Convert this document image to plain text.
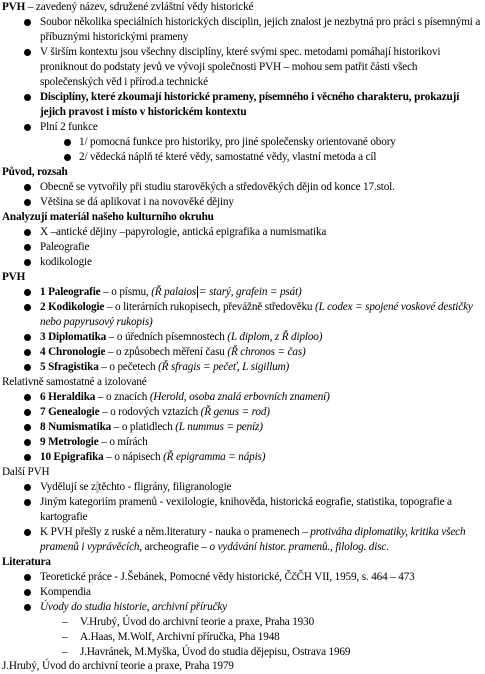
PVH – zavedený název, sdružené zvláštní vědy historické
Soubor několika speciálních historických disciplin, jejich znalost je nezbytná pro práci s písemnými a příbuznými historickými prameny
V širším kontextu jsou všechny disciplíny, které svými spec. metodami pomáhají historikovi proniknout do podstaty jevů ve vývoji společnosti PVH – mohou sem patřit části všech společenských věd i přírod.a technické
Disciplíny, které zkoumají historické prameny, písemného i věcného charakteru, prokazují jejich pravost i místo v historickém kontextu
Plní 2 funkce
1/ pomocná funkce pro historiky, pro jiné společensky orientované obory
2/ vědecká náplň té které vědy, samostatné vědy, vlastní metoda a cíl
Původ, rozsah
Obecně se vytvořily při studiu starověkých a středověkých dějin od konce 17.stol.
Většina se dá aplikovat i na novověké dějiny
Analyzují materiál našeho kulturního okruhu
X –antické dějiny –papyrologie, antická epigrafika a numismatika
Paleografie
kodikologie
PVH
1 Paleografie – o písmu, (Ř palaios = starý, grafein = psát)
2 Kodikologie – o literárních rukopisech, převážně středověku (L codex = spojené voskové destičky nebo papyrusový rukopis)
3 Diplomatika – o úředních písemnostech (L diplom, z Ř diploo)
4 Chronologie – o způsobech měření času (Ř chronos = čas)
5 Sfragistika – o pečetech (Ř sfragis = pečeť, L sigillum)
Relativně samostatné a izolované
6 Heraldika – o znacích (Herold, osoba znalá erbovních znamení)
7 Genealogie – o rodových vztazích (Ř genus = rod)
8 Numismatika – o platidlech (L nummus = peníz)
9 Metrologie – o mírách
10 Epigrafika – o nápisech (Ř epigramma = nápis)
Další PVH
Vydělují se z​ těchto - fligrány, filigranologie
Jiným kategoriím pramenů - vexilologie, knihověda, historická eografie, statistika, topografie a kartografie
K PVH přešly z ruské a něm.literatury - nauka o pramenech – protiváha diplomatiky, kritika všech pramenů i vyprávěcích, archeografie – o vydávání histor. pramenů., filolog. disc.
Literatura
Teoretické práce - J.Šebánek, Pomocné vědy historické, ČčČH VII, 1959, s. 464 – 473
Kompendia
Úvody do studia historie, archivní příručky
– V.Hrubý, Úvod do archivní teorie a praxe, Praha 1930
– A.Haas, M.Wolf, Archivní příručka, Pha 1948
– J.Havránek, M.Myška, Úvod do studia dějepisu, Ostrava 1969
J.Hrubý, Úvod do archivní teorie a praxe, Praha 1979
